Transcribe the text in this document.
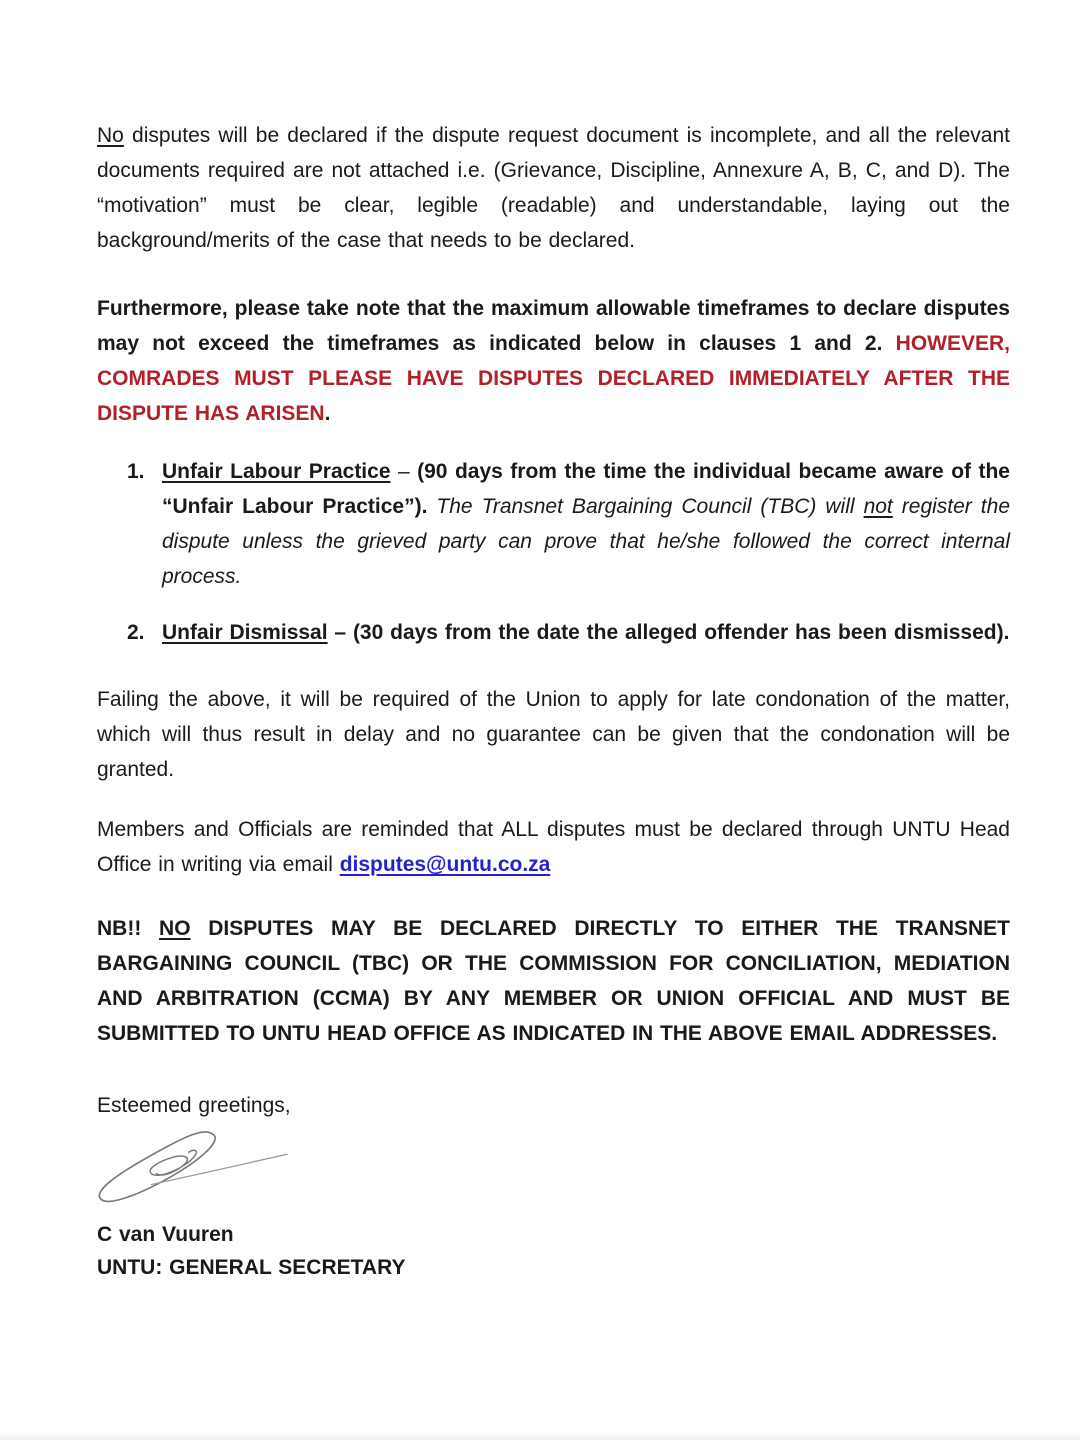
No disputes will be declared if the dispute request document is incomplete, and all the relevant documents required are not attached i.e. (Grievance, Discipline, Annexure A, B, C, and D). The “motivation” must be clear, legible (readable) and understandable, laying out the background/merits of the case that needs to be declared.

Furthermore, please take note that the maximum allowable timeframes to declare disputes may not exceed the timeframes as indicated below in clauses 1 and 2. HOWEVER, COMRADES MUST PLEASE HAVE DISPUTES DECLARED IMMEDIATELY AFTER THE DISPUTE HAS ARISEN.

1. Unfair Labour Practice – (90 days from the time the individual became aware of the “Unfair Labour Practice”). The Transnet Bargaining Council (TBC) will not register the dispute unless the grieved party can prove that he/she followed the correct internal process.
2. Unfair Dismissal – (30 days from the date the alleged offender has been dismissed).

Failing the above, it will be required of the Union to apply for late condonation of the matter, which will thus result in delay and no guarantee can be given that the condonation will be granted.

Members and Officials are reminded that ALL disputes must be declared through UNTU Head Office in writing via email disputes@untu.co.za

NB!! NO DISPUTES MAY BE DECLARED DIRECTLY TO EITHER THE TRANSNET BARGAINING COUNCIL (TBC) OR THE COMMISSION FOR CONCILIATION, MEDIATION AND ARBITRATION (CCMA) BY ANY MEMBER OR UNION OFFICIAL AND MUST BE SUBMITTED TO UNTU HEAD OFFICE AS INDICATED IN THE ABOVE EMAIL ADDRESSES.

Esteemed greetings,

C van Vuuren

UNTU: GENERAL SECRETARY
